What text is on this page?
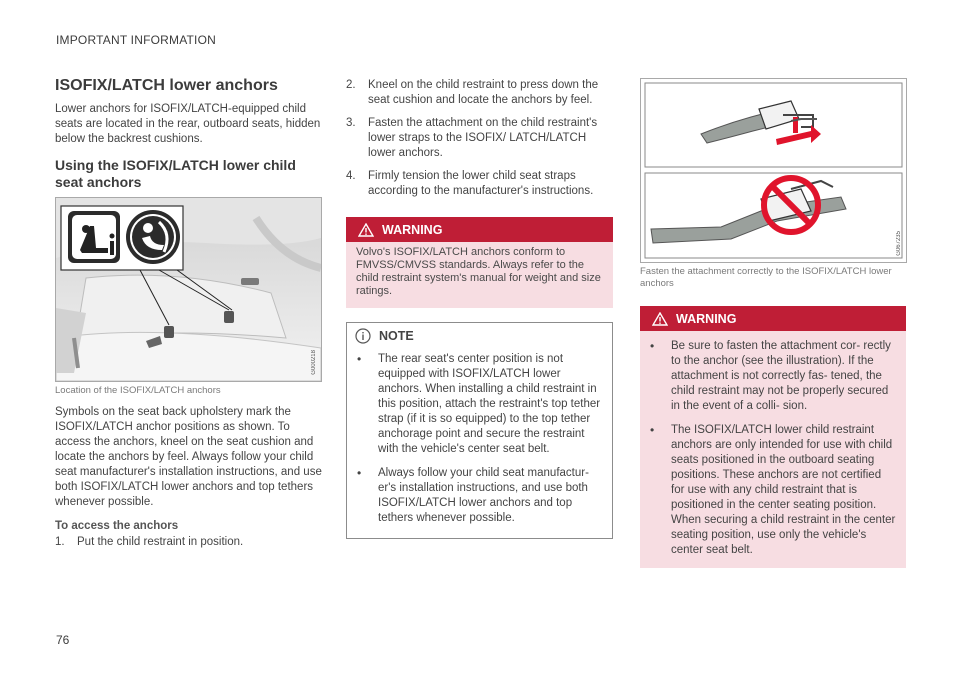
IMPORTANT INFORMATION
ISOFIX/LATCH lower anchors

Lower anchors for ISOFIX/LATCH-equipped child seats are located in the rear, outboard seats, hidden below the backrest cushions.

Using the ISOFIX/LATCH lower child seat anchors
G000218
Location of the ISOFIX/LATCH anchors

Symbols on the seat back upholstery mark the ISOFIX/LATCH anchor positions as shown. To access the anchors, kneel on the seat cushion and locate the anchors by feel. Always follow your child seat manufacturer's installation instructions, and use both ISOFIX/LATCH lower anchors and top tethers whenever possible.

To access the anchors
1. Put the child restraint in position.
2. Kneel on the child restraint to press down the seat cushion and locate the anchors by feel.
3. Fasten the attachment on the child restraint's lower straps to the ISOFIX/ LATCH/LATCH lower anchors.
4. Firmly tension the lower child seat straps according to the manufacturer's instructions.
WARNING

Volvo's ISOFIX/LATCH anchors conform to FMVSS/CMVSS standards. Always refer to the child restraint system's manual for weight and size ratings.

NOTE
• The rear seat's center position is not equipped with ISOFIX/LATCH lower anchors. When installing a child restraint in this position, attach the restraint's top tether strap (if it is so equipped) to the top tether anchorage point and secure the restraint with the vehicle's center seat belt.
• Always follow your child seat manufactur- er's installation instructions, and use both ISOFIX/LATCH lower anchors and top tethers whenever possible.
G067235
Fasten the attachment correctly to the ISOFIX/LATCH lower anchors
WARNING
• Be sure to fasten the attachment cor- rectly to the anchor (see the illustration). If the attachment is not correctly fas- tened, the child restraint may not be properly secured in the event of a colli- sion.
• The ISOFIX/LATCH lower child restraint anchors are only intended for use with child seats positioned in the outboard seating positions. These anchors are not certified for use with any child restraint that is positioned in the center seating position. When securing a child restraint in the center seating position, use only the vehicle's center seat belt.
76
